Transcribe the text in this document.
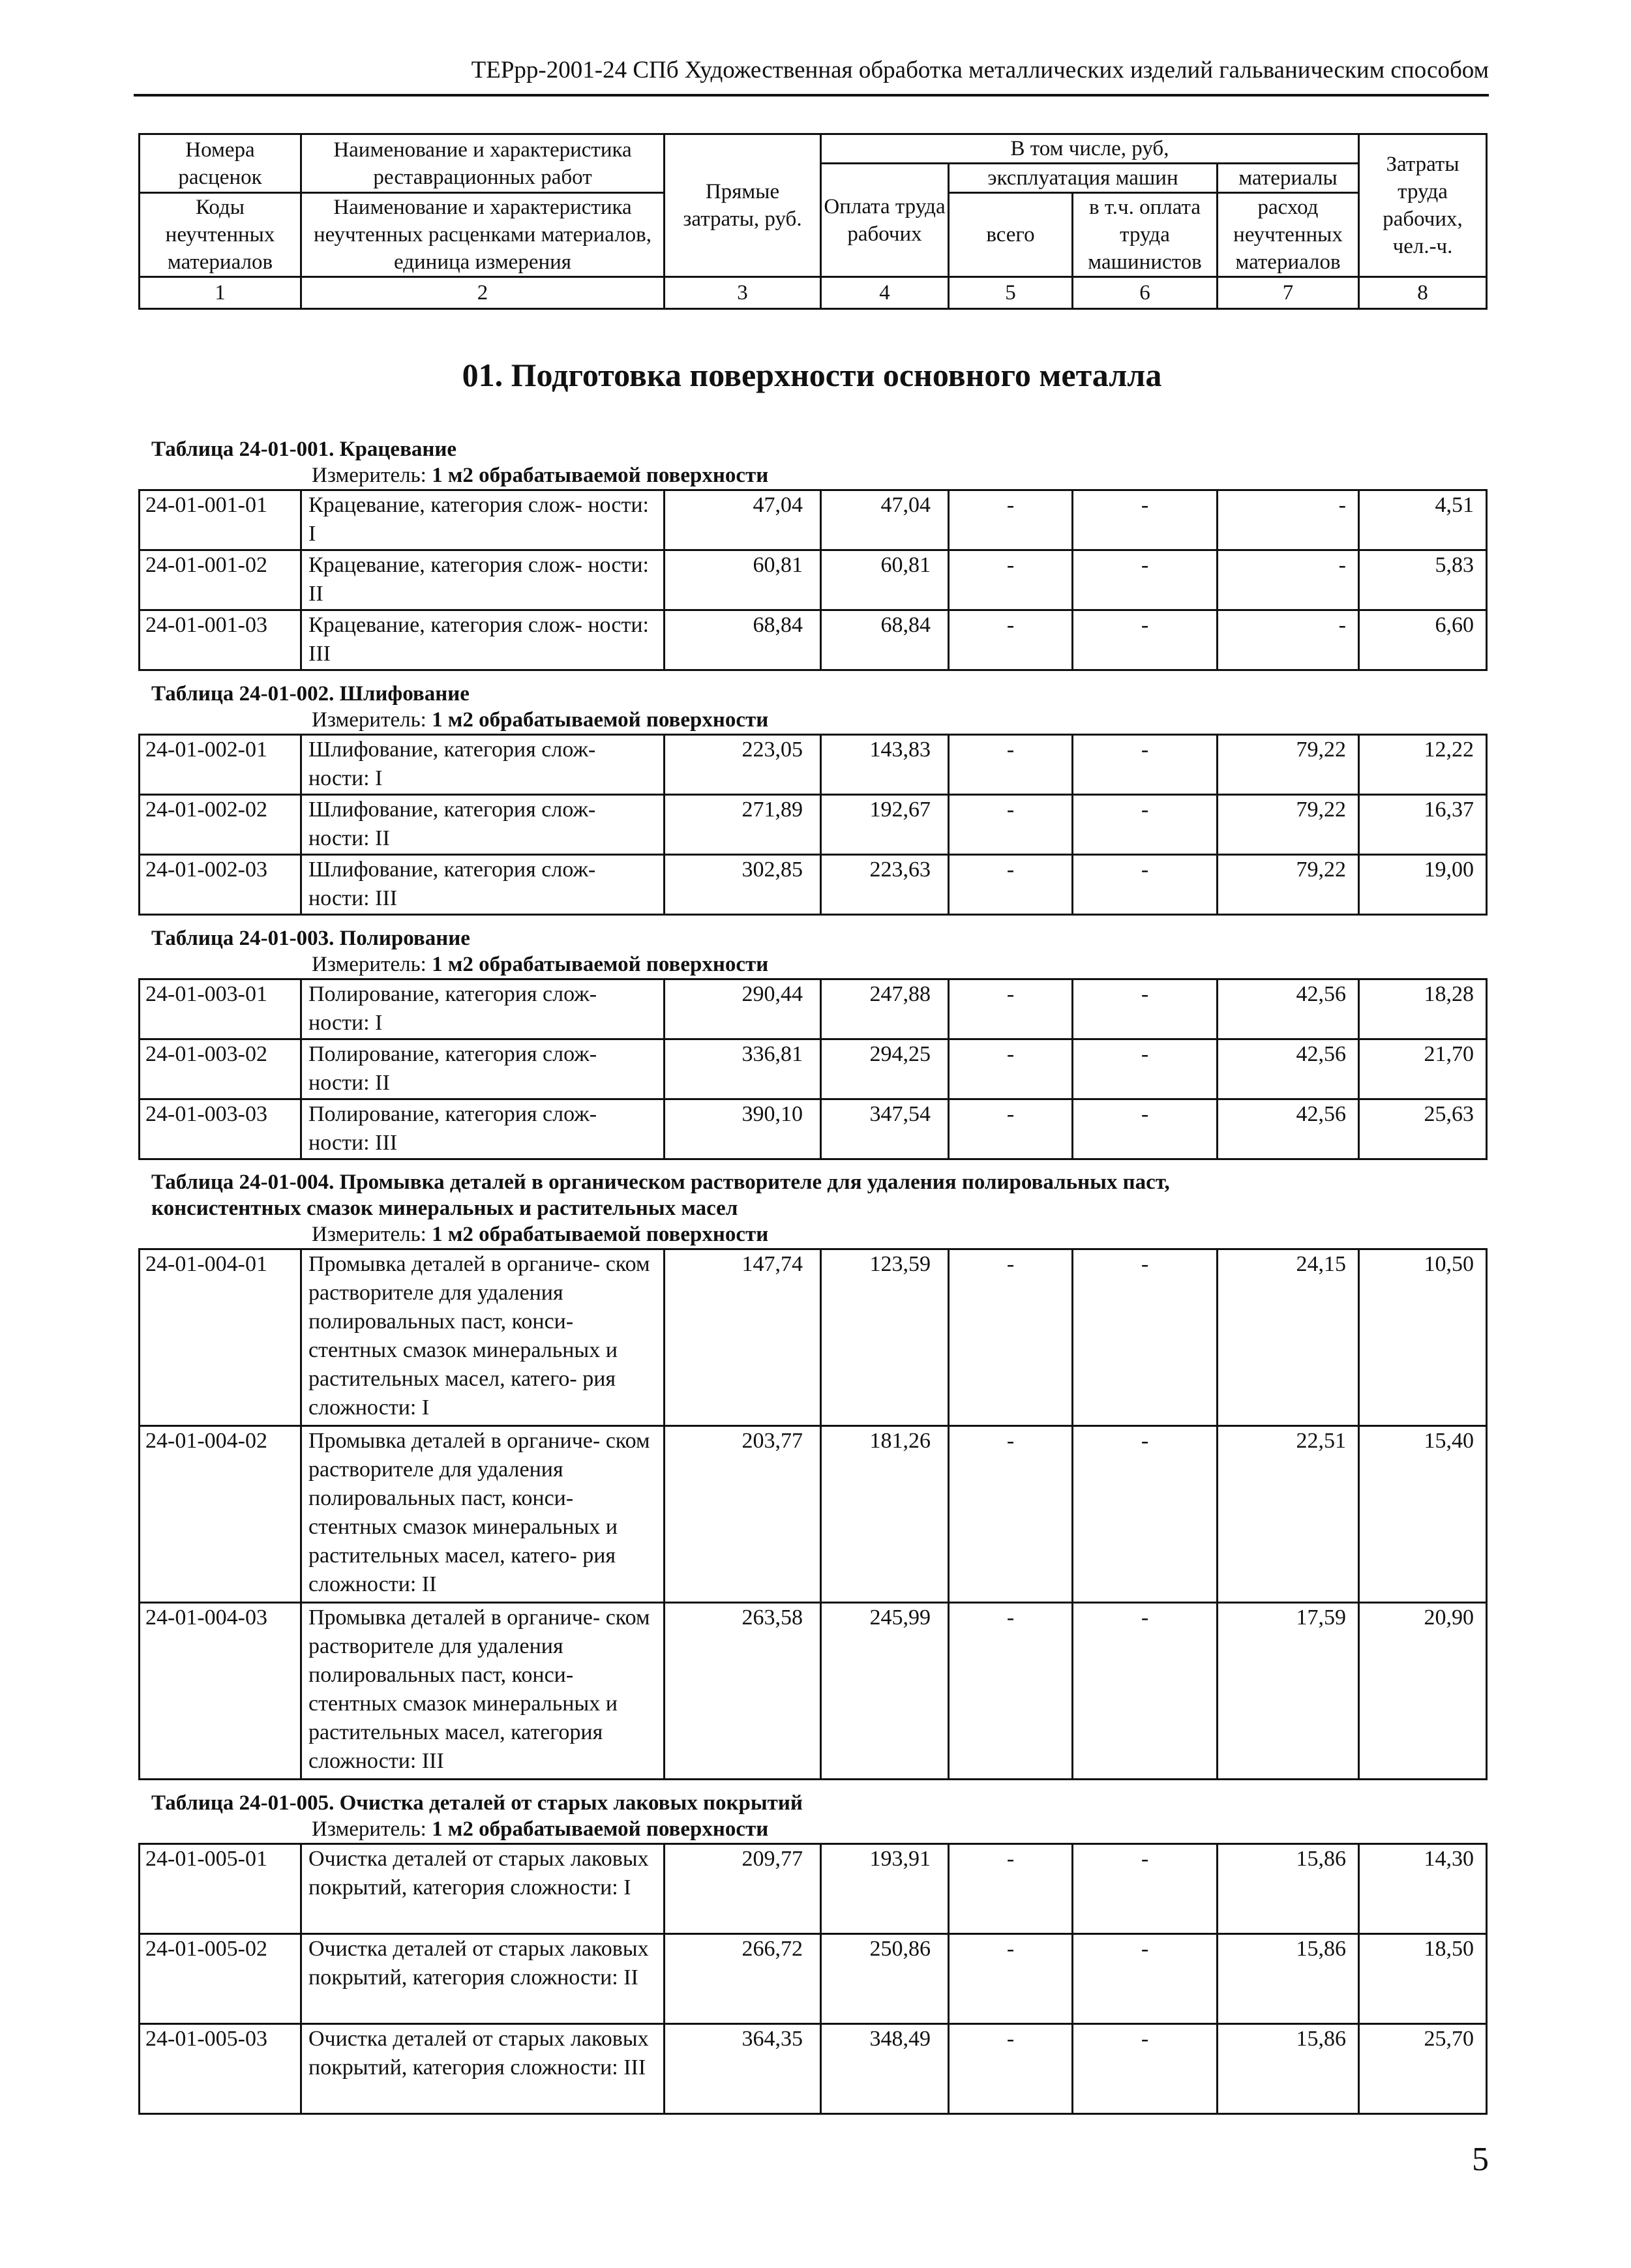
ТЕРрр-2001-24 СПб Художественная обработка металлических изделий гальваническим способом
Номера расценок	Наименование и характеристика реставрационных работ	Прямые затраты, руб.	В том числе, руб,				Затраты труда рабочих, чел.-ч.
			Оплата труда рабочих	эксплуатация машин		материалы	
Коды неучтенных материалов	Наименование и характеристика неучтенных расценками материалов, единица измерения			всего	в т.ч. оплата труда машинистов	расход неучтенных материалов	

1	2	3	4	5	6	7	8
01. Подготовка поверхности основного металла
Таблица 24-01-001. Крацевание
Измеритель: 1 м2 обрабатываемой поверхности
24-01-001-01	Крацевание, категория слож- ности: I	47,04	47,04	-	-	-	4,51
24-01-001-02	Крацевание, категория слож- ности: II	60,81	60,81	-	-	-	5,83
24-01-001-03	Крацевание, категория слож- ности: III	68,84	68,84	-	-	-	6,60
Таблица 24-01-002. Шлифование
Измеритель: 1 м2 обрабатываемой поверхности
24-01-002-01	Шлифование, категория слож- ности: I	223,05	143,83	-	-	79,22	12,22
24-01-002-02	Шлифование, категория слож- ности: II	271,89	192,67	-	-	79,22	16,37
24-01-002-03	Шлифование, категория слож- ности: III	302,85	223,63	-	-	79,22	19,00
Таблица 24-01-003. Полирование
Измеритель: 1 м2 обрабатываемой поверхности
24-01-003-01	Полирование, категория слож- ности: I	290,44	247,88	-	-	42,56	18,28
24-01-003-02	Полирование, категория слож- ности: II	336,81	294,25	-	-	42,56	21,70
24-01-003-03	Полирование, категория слож- ности: III	390,10	347,54	-	-	42,56	25,63
Таблица 24-01-004. Промывка деталей в органическом растворителе для удаления полировальных паст,
консистентных смазок минеральных и растительных масел
Измеритель: 1 м2 обрабатываемой поверхности
24-01-004-01	Промывка деталей в органиче- ском растворителе для удаления полировальных паст, конси- стентных смазок минеральных и растительных масел, катего- рия сложности: I	147,74	123,59	-	-	24,15	10,50
24-01-004-02	Промывка деталей в органиче- ском растворителе для удаления полировальных паст, конси- стентных смазок минеральных и растительных масел, катего- рия сложности: II	203,77	181,26	-	-	22,51	15,40
24-01-004-03	Промывка деталей в органиче- ском растворителе для удаления полировальных паст, конси- стентных смазок минеральных и растительных масел, категория сложности: III	263,58	245,99	-	-	17,59	20,90
Таблица 24-01-005. Очистка деталей от старых лаковых покрытий
Измеритель: 1 м2 обрабатываемой поверхности
24-01-005-01	Очистка деталей от старых лаковых покрытий, категория сложности: I	209,77	193,91	-	-	15,86	14,30
24-01-005-02	Очистка деталей от старых лаковых покрытий, категория сложности: II	266,72	250,86	-	-	15,86	18,50
24-01-005-03	Очистка деталей от старых лаковых покрытий, категория сложности: III	364,35	348,49	-	-	15,86	25,70
5
